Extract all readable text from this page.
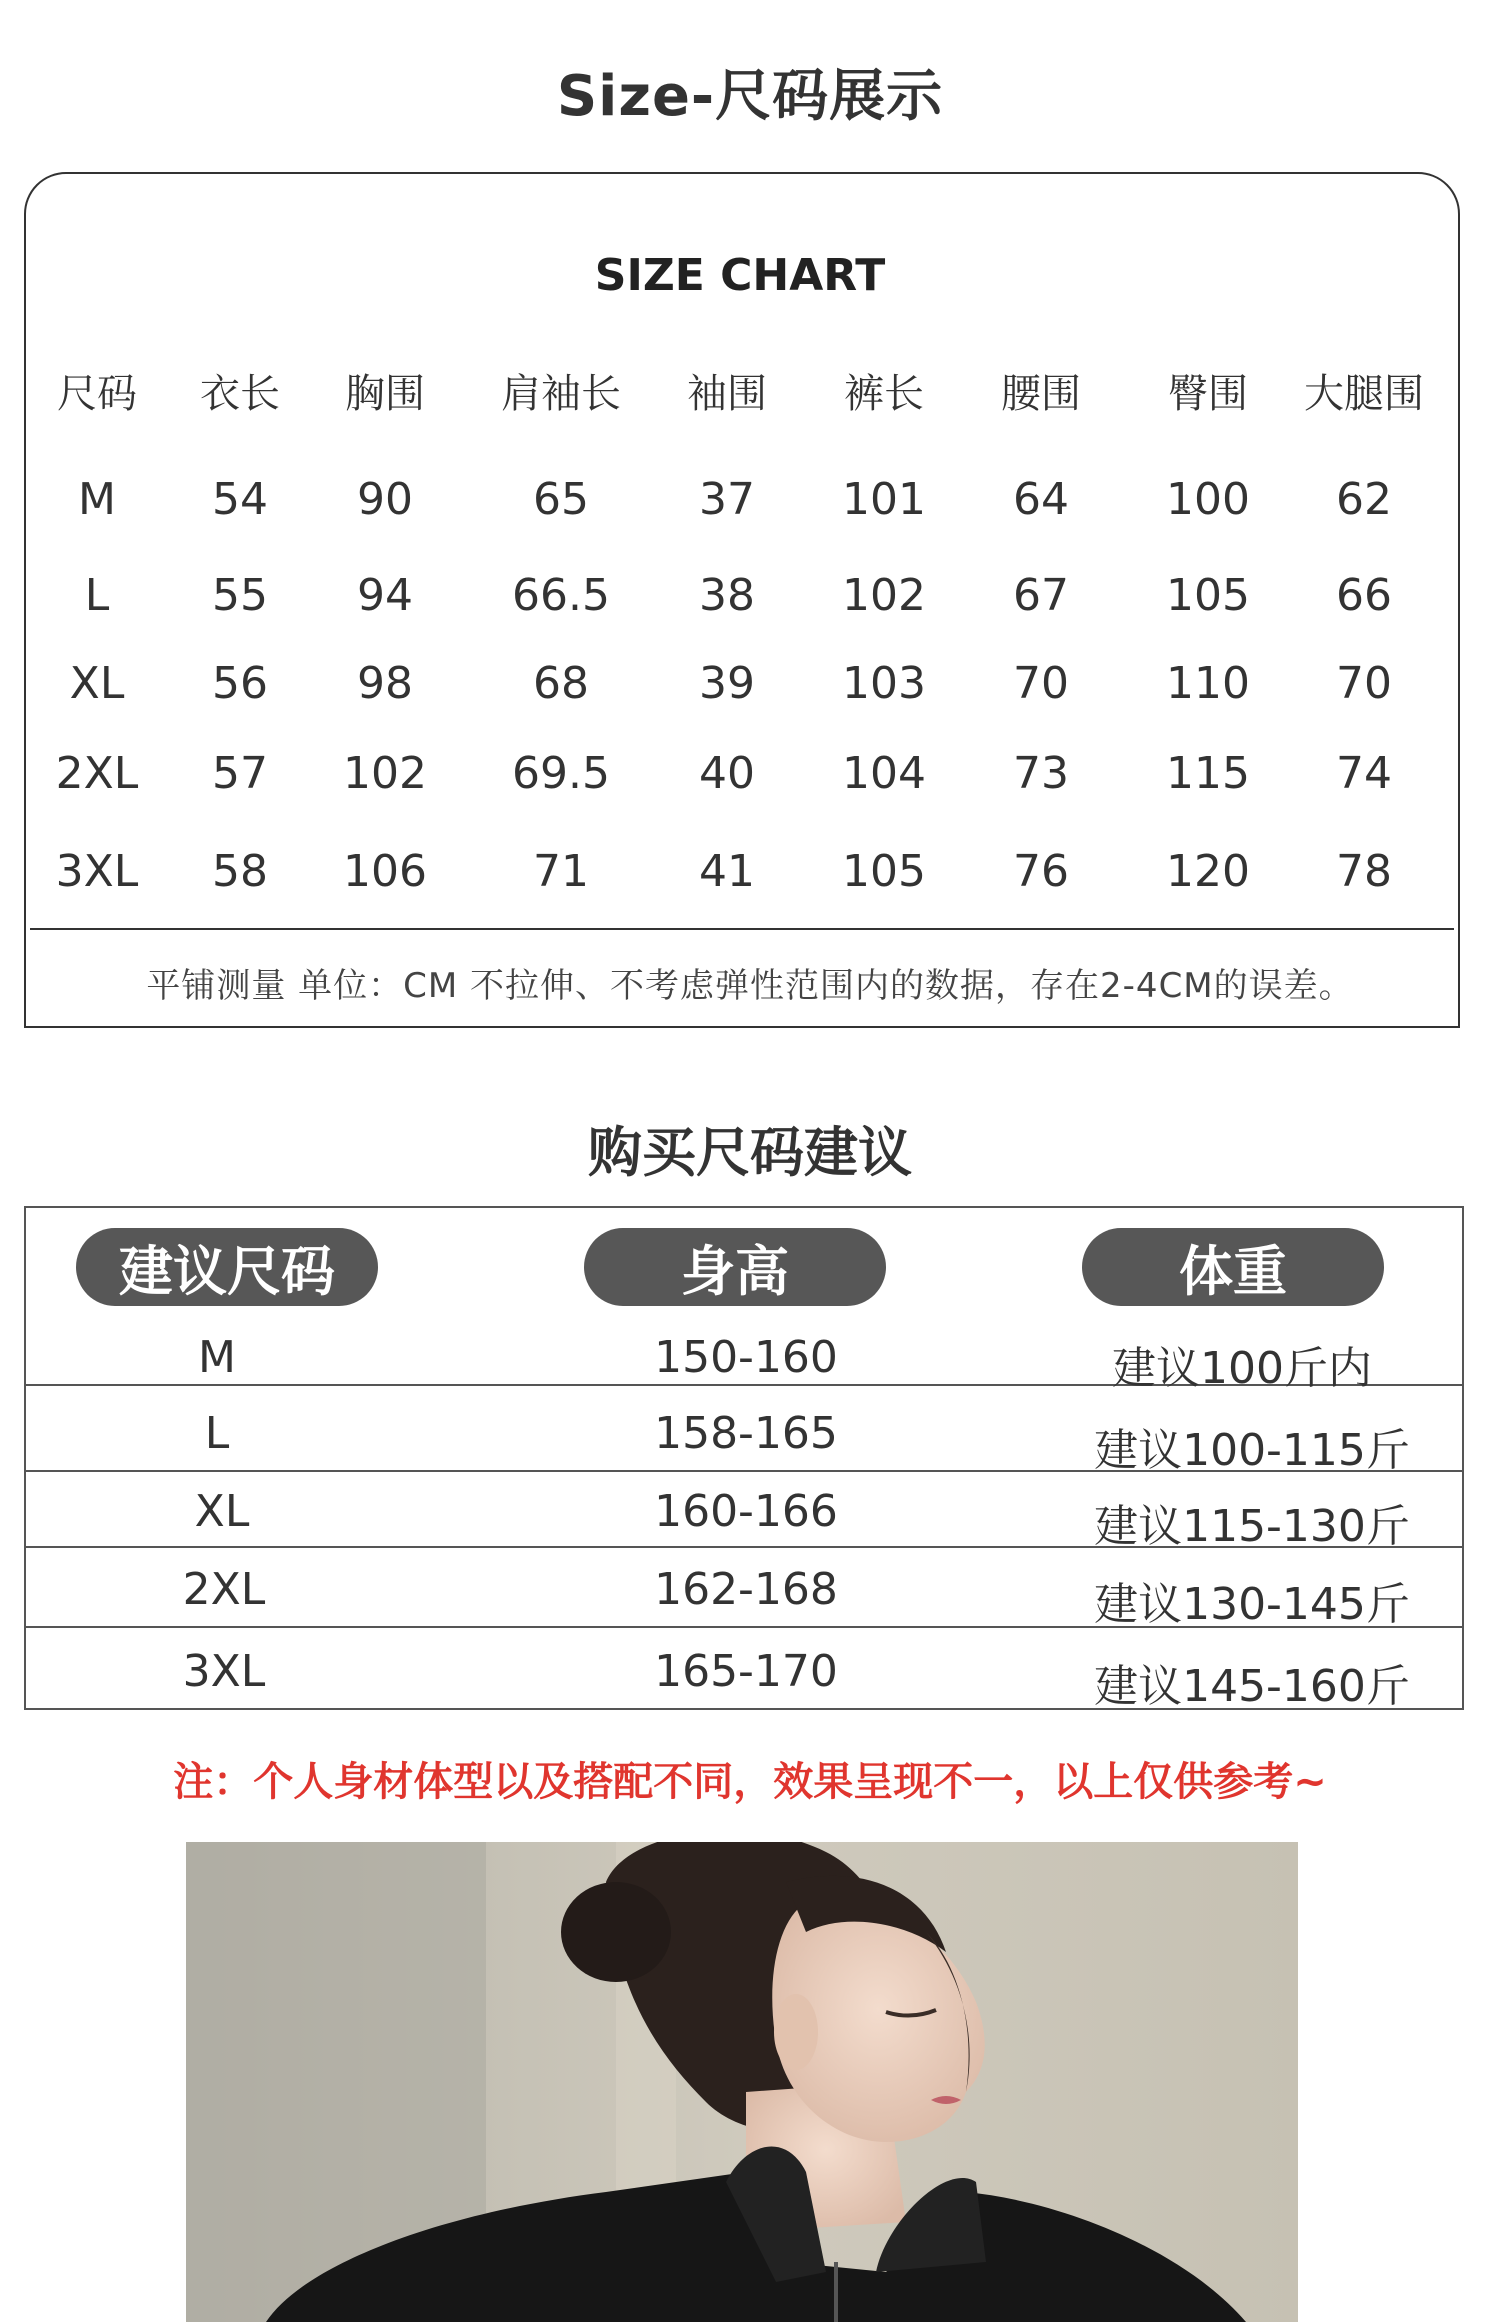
Size-尺码展示
SIZE CHART
尺码 衣长 胸围 肩袖长 袖围 裤长 腰围 臀围 大腿围
M 54 90	65	37 101 64 100 62
L 55 94 66.5 38 102 67 105 66
XL 56 98	68	39 103 70 110 70
2XL 57 102 69.5 40 104 73 115 74
3XL 58 106 71	41 105 76 120 78
平铺测量 单位：CM 不拉伸、不考虑弹性范围内的数据，存在2-4CM的误差。
购买尺码建议
建议尺码	身高	体重
M	150-160	建议100斤内
L	158-165	建议100-115斤
XL	160-166	建议115-130斤
2XL	162-168	建议130-145斤
3XL	165-170	建议145-160斤
注：个人身材体型以及搭配不同，效果呈现不一，以上仅供参考~
